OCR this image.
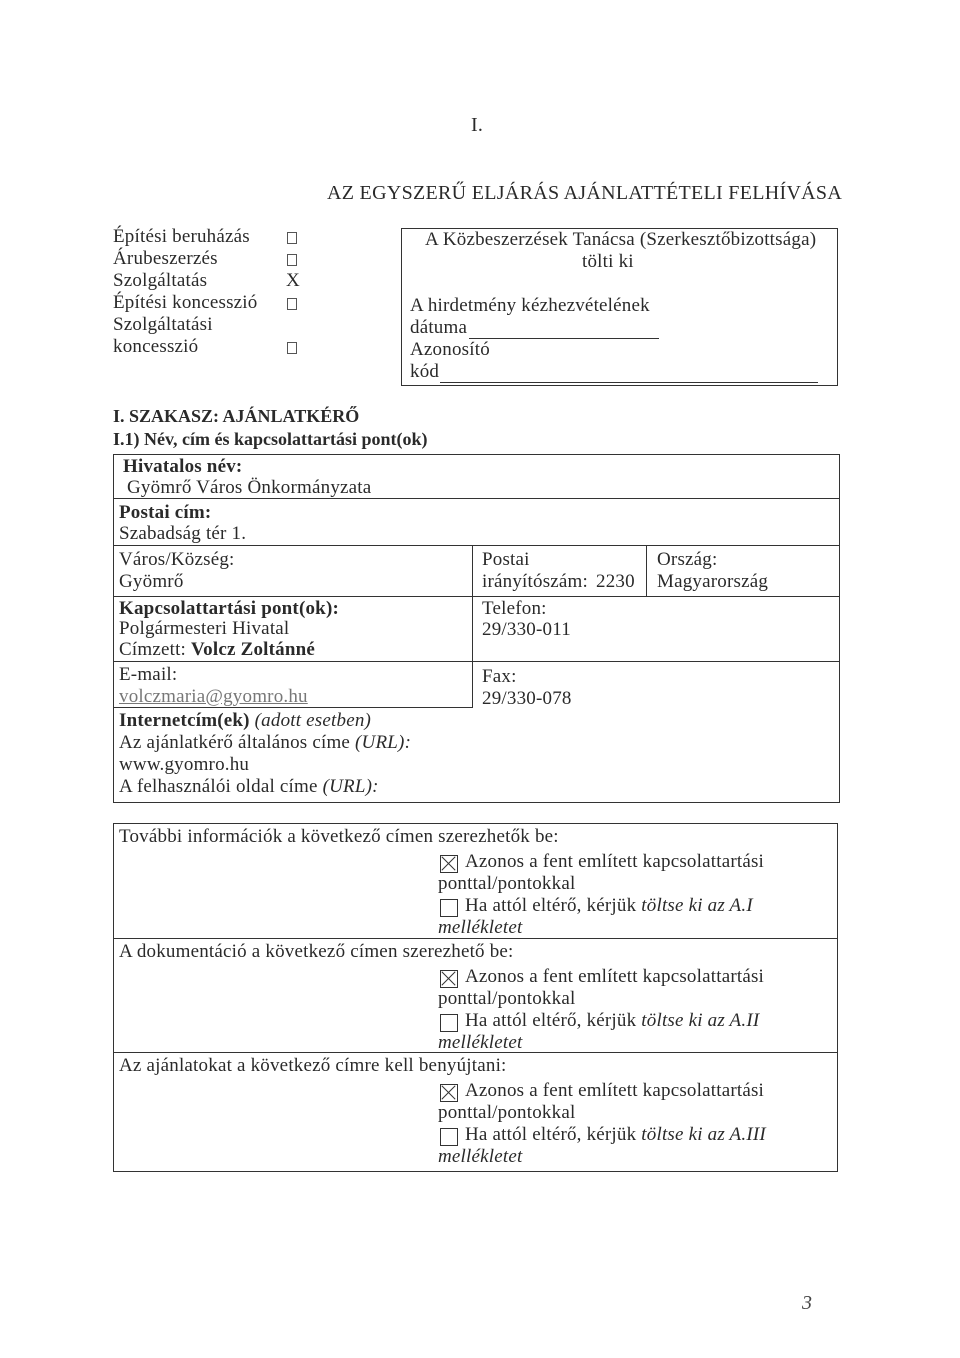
I.
AZ EGYSZERŰ ELJÁRÁS AJÁNLATTÉTELI FELHÍVÁSA
Építési beruházás
Árubeszerzés
Szolgáltatás	X
Építési koncesszió
Szolgáltatási
koncesszió
A Közbeszerzések Tanácsa (Szerkesztőbizottsága)
tölti ki
A hirdetmény kézhezvételének
dátuma
Azonosító
kód
I. SZAKASZ: AJÁNLATKÉRŐ
I.1) Név, cím és kapcsolattartási pont(ok)
Hivatalos név:
Gyömrő Város Önkormányzata
Postai cím:
Szabadság tér 1.
Város/Község:
Gyömrő
Postai
irányítószám: 2230
Ország:
Magyarország
Kapcsolattartási pont(ok):
Polgármesteri Hivatal
Címzett: Volcz Zoltánné
Telefon:
29/330-011
E-mail:
volczmaria@gyomro.hu
Fax:
29/330-078
Internetcím(ek) (adott esetben)
Az ajánlatkérő általános címe (URL):
www.gyomro.hu
A felhasználói oldal címe (URL):
További információk a következő címen szerezhetők be:
Azonos a fent említett kapcsolattartási
ponttal/pontokkal
Ha attól eltérő, kérjük töltse ki az A.I
mellékletet
A dokumentáció a következő címen szerezhető be:
Azonos a fent említett kapcsolattartási
ponttal/pontokkal
Ha attól eltérő, kérjük töltse ki az A.II
mellékletet
Az ajánlatokat a következő címre kell benyújtani:
Azonos a fent említett kapcsolattartási
ponttal/pontokkal
Ha attól eltérő, kérjük töltse ki az A.III
mellékletet
3
